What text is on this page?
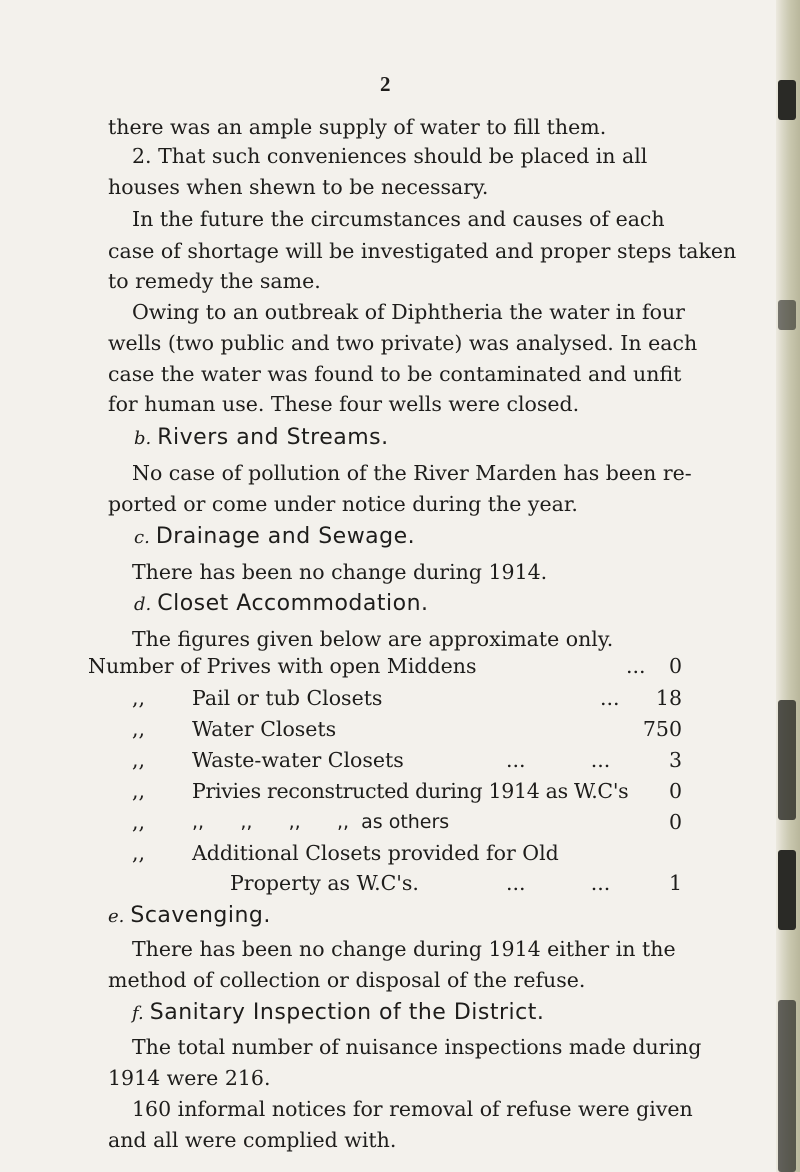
2
there was an ample supply of water to fill them.
2. That such conveniences should be placed in all
houses when shewn to be necessary.
In the future the circumstances and causes of each
case of shortage will be investigated and proper steps taken
to remedy the same.
Owing to an outbreak of Diphtheria the water in four
wells (two public and two private) was analysed. In each
case the water was found to be contaminated and unfit
for human use. These four wells were closed.
b. Rivers and Streams.
No case of pollution of the River Marden has been re-
ported or come under notice during the year.
c. Drainage and Sewage.
There has been no change during 1914.
d. Closet Accommodation.
The figures given below are approximate only.
Number of Prives with open Middens	... 0
,, Pail or tub Closets	... 18
,, Water Closets	750
,, Waste-water Closets	...          ...	3
,, Privies reconstructed during 1914 as W.C's 0
,, ,,      ,,      ,,      ,,  as others	0
,, Additional Closets provided for Old
Property as W.C's.	...          ...	1
e. Scavenging.
There has been no change during 1914 either in the
method of collection or disposal of the refuse.
f. Sanitary Inspection of the District.
The total number of nuisance inspections made during
1914 were 216.
160 informal notices for removal of refuse were given
and all were complied with.
